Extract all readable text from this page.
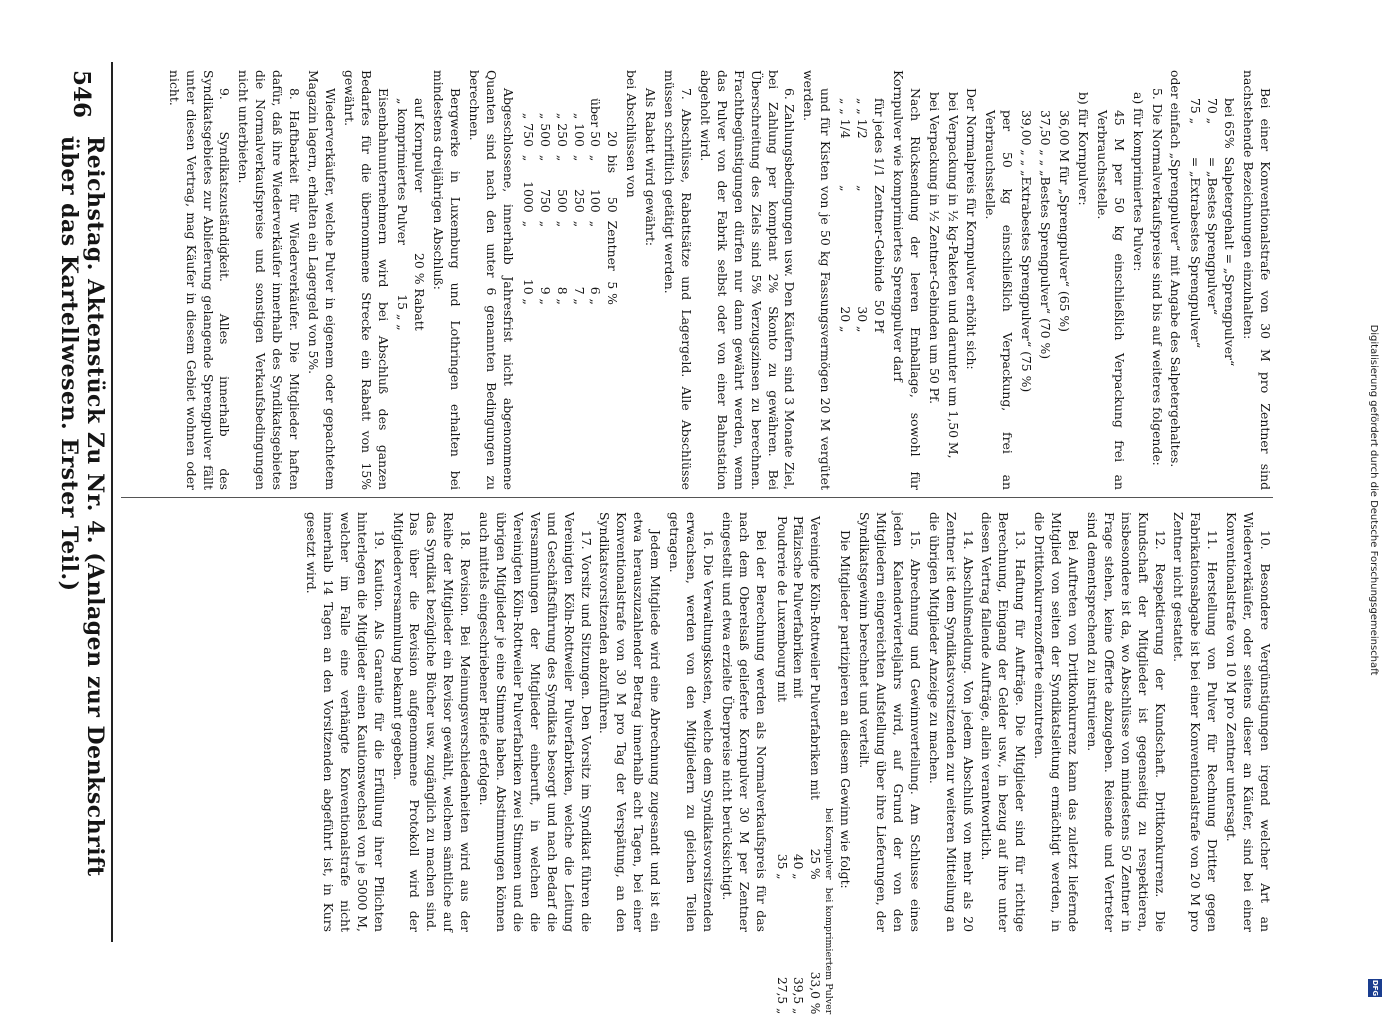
Digitalisierung gefördert durch die Deutsche Forschungsgemeinschaft
DFG

Bei einer Konventionalstrafe von 30 M pro Zentner sind nachstehende Bezeichnungen einzuhalten:

bei 65%	Salpetergehalt = „Sprengpulver“
70 „	= „Bestes Sprengpulver“
75 „	= „Extrabestes Sprengpulver“

oder einfach „Sprengpulver“ mit Angabe des Salpetergehaltes.

5. Die Normalverkaufspreise sind bis auf weiteres folgende:

a) für komprimiertes Pulver:

45 M per 50 kg einschließlich Verpackung frei an Verbrauchsstelle.

b) für Kornpulver:

36,00 M für „Sprengpulver“ (65 %)

37,50 „ „ „Bestes Sprengpulver“ (70 %)

39,00 „ „ „Extrabestes Sprengpulver“ (75 %)

per 50 kg einschließlich Verpackung, frei an Verbrauchsstelle.

Der Normalpreis für Kornpulver erhöht sich:

bei Verpackung in ½ kg-Paketen und darunter um 1,50 M,

bei Verpackung in ½ Zentner-Gebinden um 50 Pf.

Nach Rücksendung der leeren Emballage, sowohl für Kornpulver wie komprimiertes Sprengpulver darf

für jedes 1/1	Zentner-Gebinde	50 Pf
„ „ 1/2	„	30 „
„ „ 1/4	„	20 „

und für Kisten von je 50 kg Fassungsvermögen 20 M vergütet werden.

6. Zahlungsbedingungen usw. Den Käufern sind 3 Monate Ziel, bei Zahlung per komptant 2% Skonto zu gewähren. Bei Überschreitung des Ziels sind 5% Verzugszinsen zu berechnen. Frachtbegünstigungen dürfen nur dann gewährt werden, wenn das Pulver von der Fabrik selbst oder von einer Bahnstation abgeholt wird.

7. Abschlüsse, Rabattsätze und Lagergeld. Alle Abschlüsse müssen schriftlich getätigt werden.

Als Rabatt wird gewährt:

bei Abschlüssen von

20	bis	50	Zentner	5 %
über 50	„	100	„	6 „
„ 100	„	250	„	7 „
„ 250	„	500	„	8 „
„ 500	„	750	„	9 „
„ 750	„	1000	„	10 „

Abgeschlossene, innerhalb Jahresfrist nicht abgenommene Quanten sind nach den unter 6 genannten Bedingungen zu berechnen.

Bergwerke in Luxemburg und Lothringen erhalten bei mindestens dreijährigen Abschluß:

auf Kornpulver	20 % Rabatt
„ komprimiertes Pulver	15 „ „

Eisenbahnunternehmern wird bei Abschluß des ganzen Bedarfes für die übernommene Strecke ein Rabatt von 15% gewährt.

Wiederverkäufer, welche Pulver in eigenem oder gepachtetem Magazin lagern, erhalten ein Lagergeld von 5%.

8. Haftbarkeit für Wiederverkäufer. Die Mitglieder haften dafür, daß ihre Wiederverkäufer innerhalb des Syndikatsgebietes die Normalverkaufspreise und sonstigen Verkaufsbedingungen nicht unterbieten.

9. Syndikatszuständigkeit. Alles innerhalb des Syndikatsgebietes zur Ablieferung gelangende Sprengpulver fällt unter diesen Vertrag, mag Käufer in diesem Gebiet wohnen oder nicht.

10. Besondere Vergünstigungen irgend welcher Art an Wiederverkäufer, oder seitens dieser an Käufer, sind bei einer Konventionalstrafe von 10 M pro Zentner untersagt.

11. Herstellung von Pulver für Rechnung Dritter gegen Fabrikationsabgabe ist bei einer Konventionalstrafe von 20 M pro Zentner nicht gestattet.

12. Respektierung der Kundschaft. Drittkonkurrenz. Die Kundschaft der Mitglieder ist gegenseitig zu respektieren, insbesondere ist da, wo Abschlüsse von mindestens 50 Zentner in Frage stehen, keine Offerte abzugeben. Reisende und Vertreter sind dementsprechend zu instruieren.

Bei Auftreten von Drittkonkurrenz kann das zuletzt liefernde Mitglied von seiten der Syndikatsleitung ermächtigt werden, in die Drittkonkurrenzofferte einzutreten.

13. Haftung für Aufträge. Die Mitglieder sind für richtige Berechnung, Eingang der Gelder usw., in bezug auf ihre unter diesen Vertrag fallende Aufträge, allein verantwortlich.

14. Abschlußmeldung. Von jedem Abschluß von mehr als 20 Zentner ist dem Syndikatsvorsitzenden zur weiteren Mitteilung an die übrigen Mitglieder Anzeige zu machen.

15. Abrechnung und Gewinnverteilung. Am Schlusse eines jeden Kalendervierteljahrs wird, auf Grund der von den Mitgliedern eingereichten Aufstellung über ihre Lieferungen, der Syndikatsgewinn berechnet und verteilt.

Die Mitglieder partizipieren an diesem Gewinn wie folgt:

	bei Kornpulver	bei komprimiertem Pulver
Vereinigte Köln-Rottweiler Pulverfabriken mit	25 %	33,0 %
Pfälzische Pulverfabriken mit	40 „	39,5 „
Poudrerie de Luxembourg mit	35 „	27,5 „

Bei der Berechnung werden als Normalverkaufspreis für das nach dem Oberelsaß gelieferte Kornpulver 30 M per Zentner eingestellt und etwa erzielte Überpreise nicht berücksichtigt.

16. Die Verwaltungskosten, welche dem Syndikatsvorsitzenden erwachsen, werden von den Mitgliedern zu gleichen Teilen getragen.

Jedem Mitgliede wird eine Abrechnung zugesandt und ist ein etwa herauszuzahlender Betrag innerhalb acht Tagen, bei einer Konventionalstrafe von 30 M pro Tag der Verspätung, an den Syndikatsvorsitzenden abzuführen.

17. Vorsitz und Sitzungen. Den Vorsitz im Syndikat führen die Vereinigten Köln-Rottweiler Pulverfabriken, welche die Leitung und Geschäftsführung des Syndikats besorgt und nach Bedarf die Versammlungen der Mitglieder einberuft, in welchen die Vereinigten Köln-Rottweiler Pulverfabriken zwei Stimmen und die übrigen Mitglieder je eine Stimme haben. Abstimmungen können auch mittels eingeschriebener Briefe erfolgen.

18. Revision. Bei Meinungsverschiedenheiten wird aus der Reihe der Mitglieder ein Revisor gewählt, welchem sämtliche auf das Syndikat bezügliche Bücher usw. zugänglich zu machen sind. Das über die Revision aufgenommene Protokoll wird der Mitgliederversammlung bekannt gegeben.

19. Kaution. Als Garantie für die Erfüllung ihrer Pflichten hinterlegen die Mitglieder einen Kautionswechsel von je 5000 M, welcher im Falle eine verhängte Konventionalstrafe nicht innerhalb 14 Tagen an den Vorsitzenden abgeführt ist, in Kurs gesetzt wird.

546
Reichstag. Aktenstück Zu Nr. 4. (Anlagen zur Denkschrift über das Kartellwesen. Erster Teil.)
